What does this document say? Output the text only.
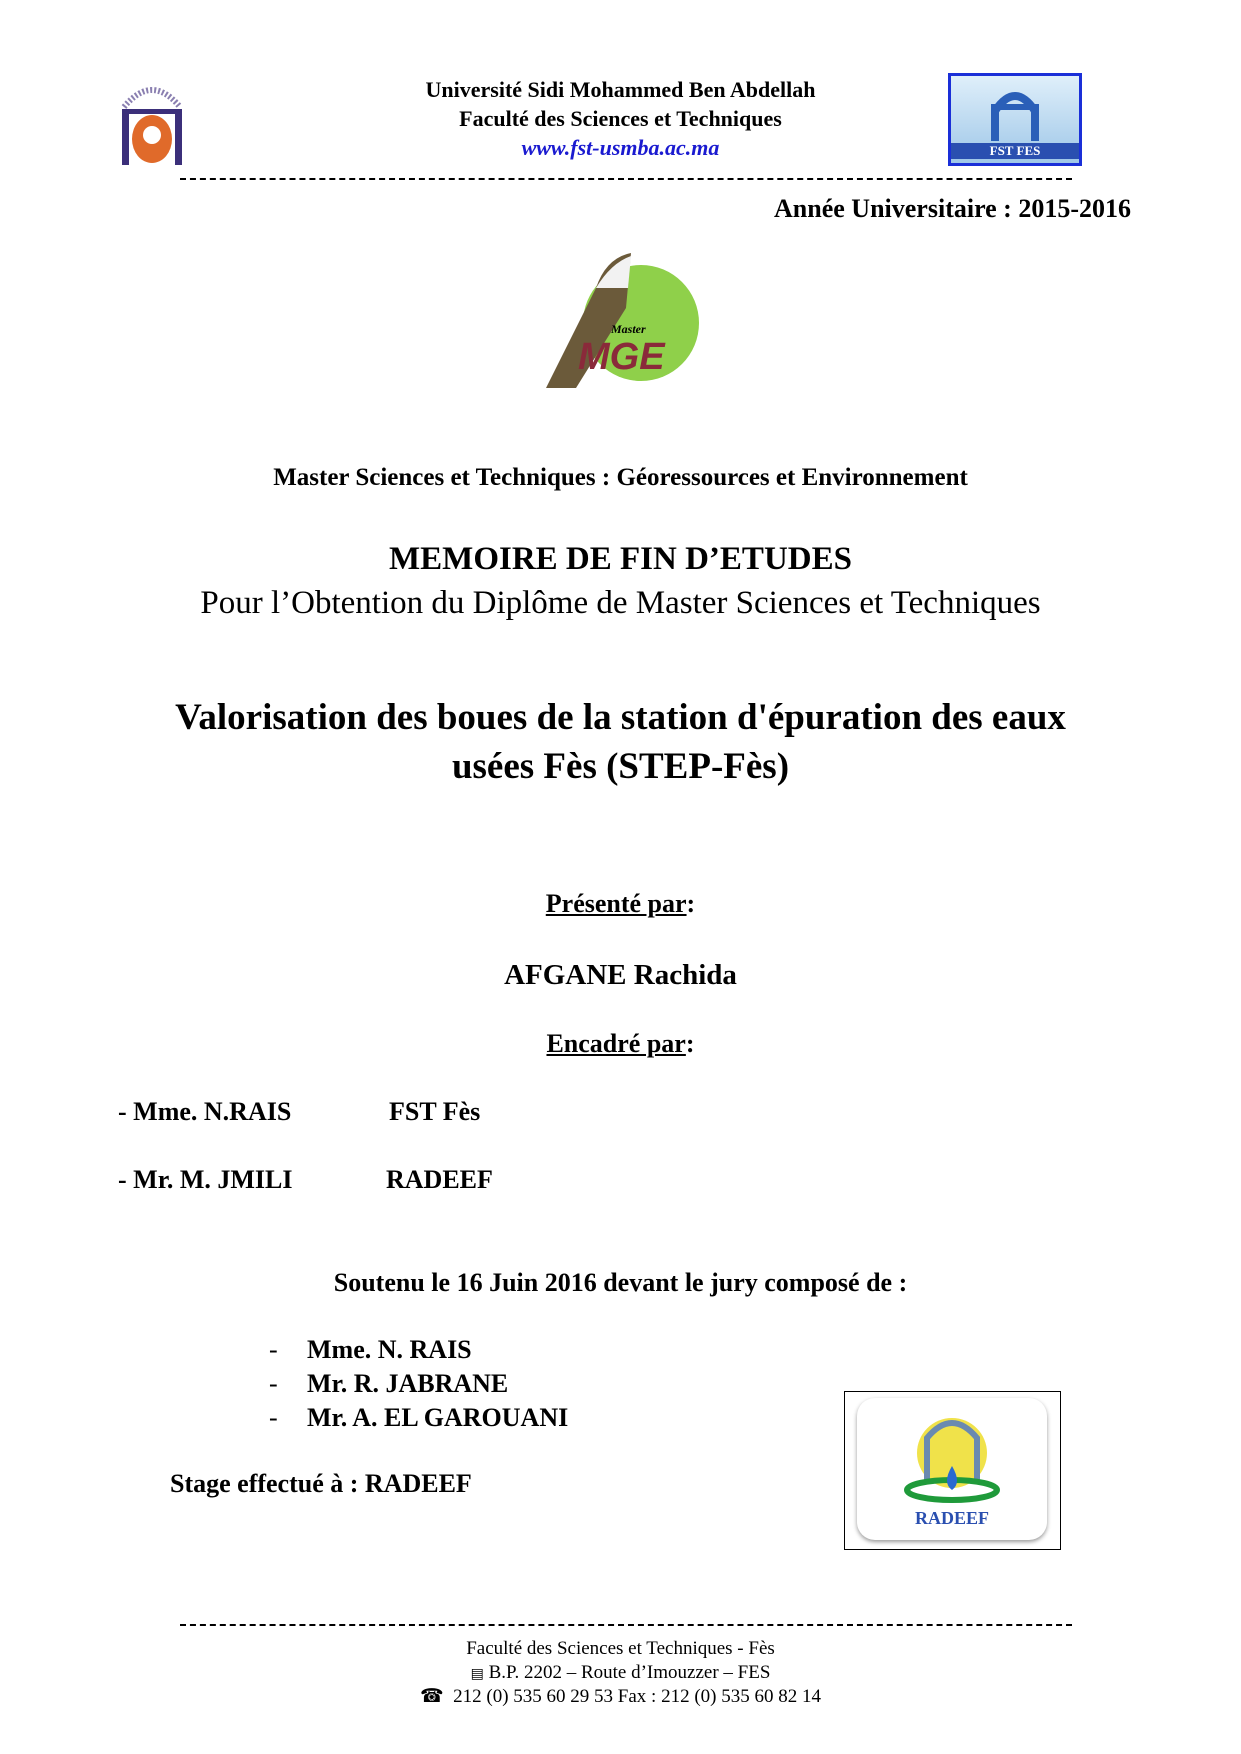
Université Sidi Mohammed Ben Abdellah
Faculté des Sciences et Techniques
www.fst-usmba.ac.ma	FST FES
Année Universitaire : 2015-2016
Master
MGE
Master Sciences et Techniques : Géoressources et Environnement
MEMOIRE DE FIN D’ETUDES
Pour l’Obtention du Diplôme de Master Sciences et Techniques
Valorisation des boues de la station d'épuration des eaux
usées Fès (STEP-Fès)
Présenté par:
AFGANE Rachida
Encadré par:
- Mme. N.RAIS	FST Fès
- Mr. M. JMILI	RADEEF
Soutenu le 16 Juin 2016 devant le jury composé de :
- Mme. N. RAIS
- Mr. R. JABRANE
- Mr. A. EL GAROUANI
Stage effectué à : RADEEF
RADEEF
Faculté des Sciences et Techniques - Fès
▤ B.P. 2202 – Route d’Imouzzer – FES
☎ 212 (0) 535 60 29 53 Fax : 212 (0) 535 60 82 14
